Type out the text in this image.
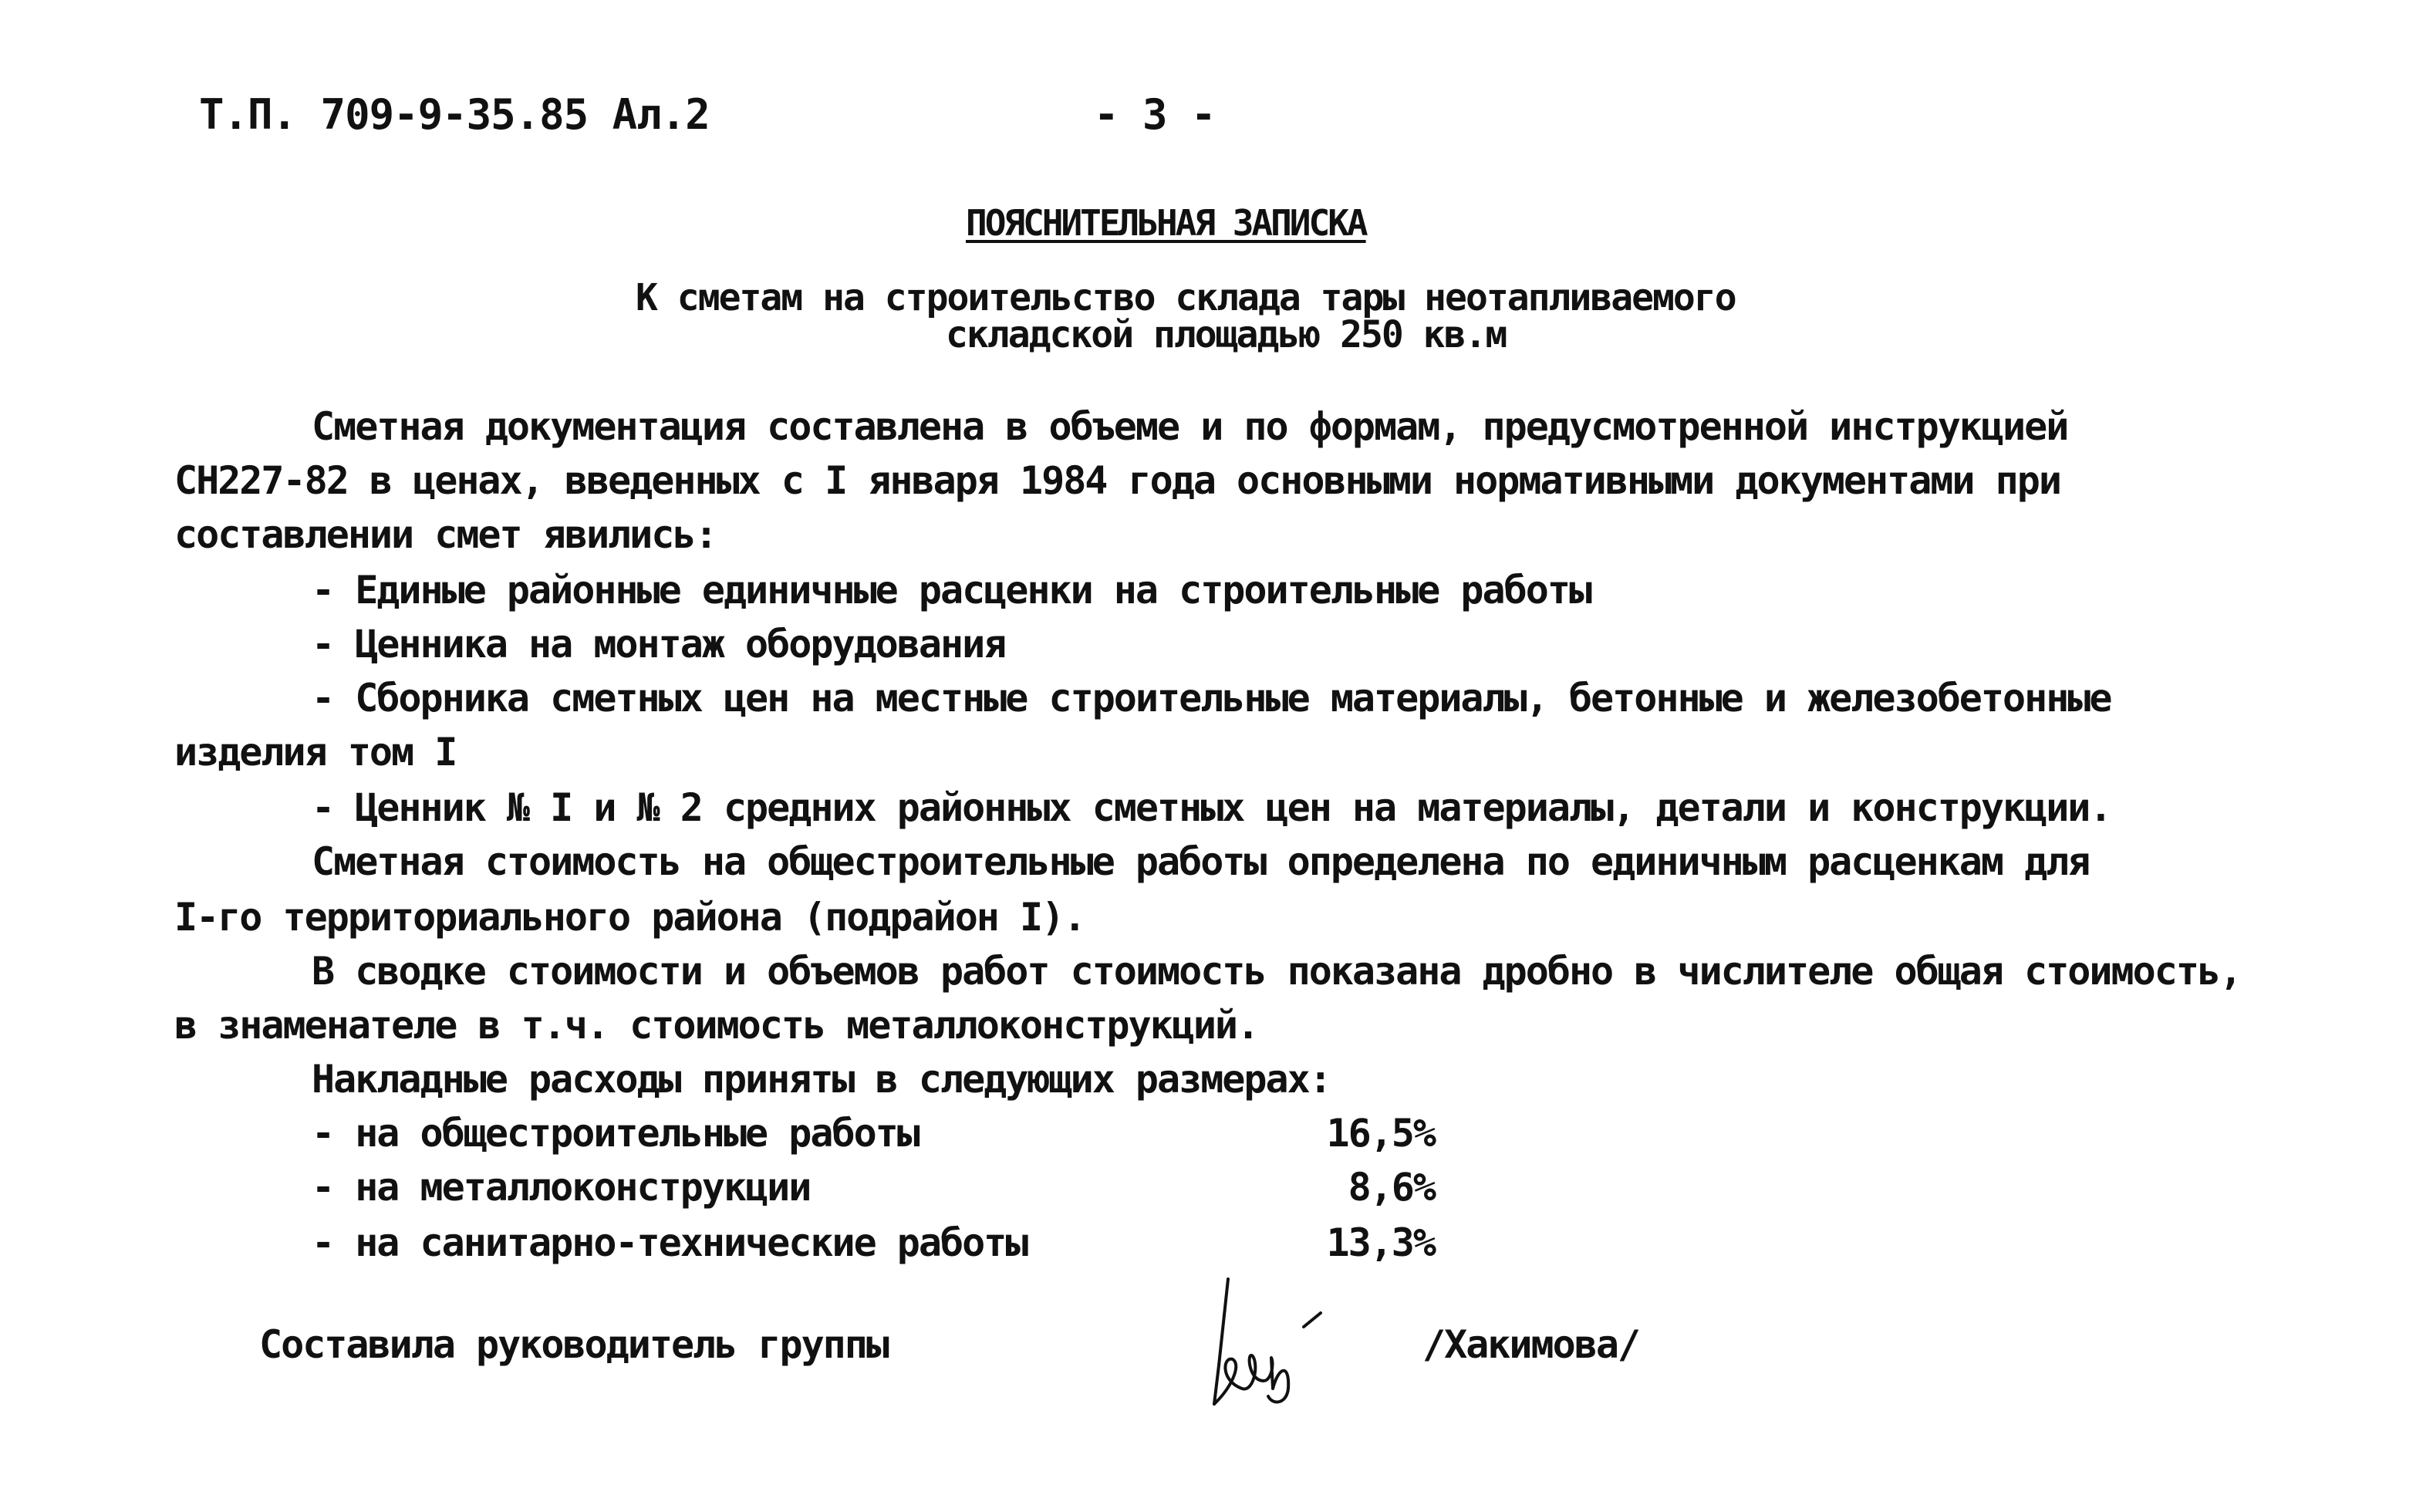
Т.П. 709-9-35.85 Ал.2	- 3 -
ПОЯСНИТЕЛЬНАЯ ЗАПИСКА
К сметам на строительство склада тары неотапливаемого
складской площадью 250 кв.м
Сметная документация составлена в объеме и по формам, предусмотренной инструкцией
СН227-82 в ценах, введенных с I января 1984 года основными нормативными документами при
составлении смет явились:
- Единые районные единичные расценки на строительные работы
- Ценника на монтаж оборудования
- Сборника сметных цен на местные строительные материалы, бетонные и железобетонные
изделия том I
- Ценник № I и № 2 средних районных сметных цен на материалы, детали и конструкции.
Сметная стоимость на общестроительные работы определена по единичным расценкам для
I-го территориального района (подрайон I).
В сводке стоимости и объемов работ стоимость показана дробно в числителе общая стоимость,
в знаменателе в т.ч. стоимость металлоконструкций.
Накладные расходы приняты в следующих размерах:
- на общестроительные работы	16,5%
- на металлоконструкции	8,6%
- на санитарно-технические работы	13,3%
Составила руководитель группы	/Хакимова/
